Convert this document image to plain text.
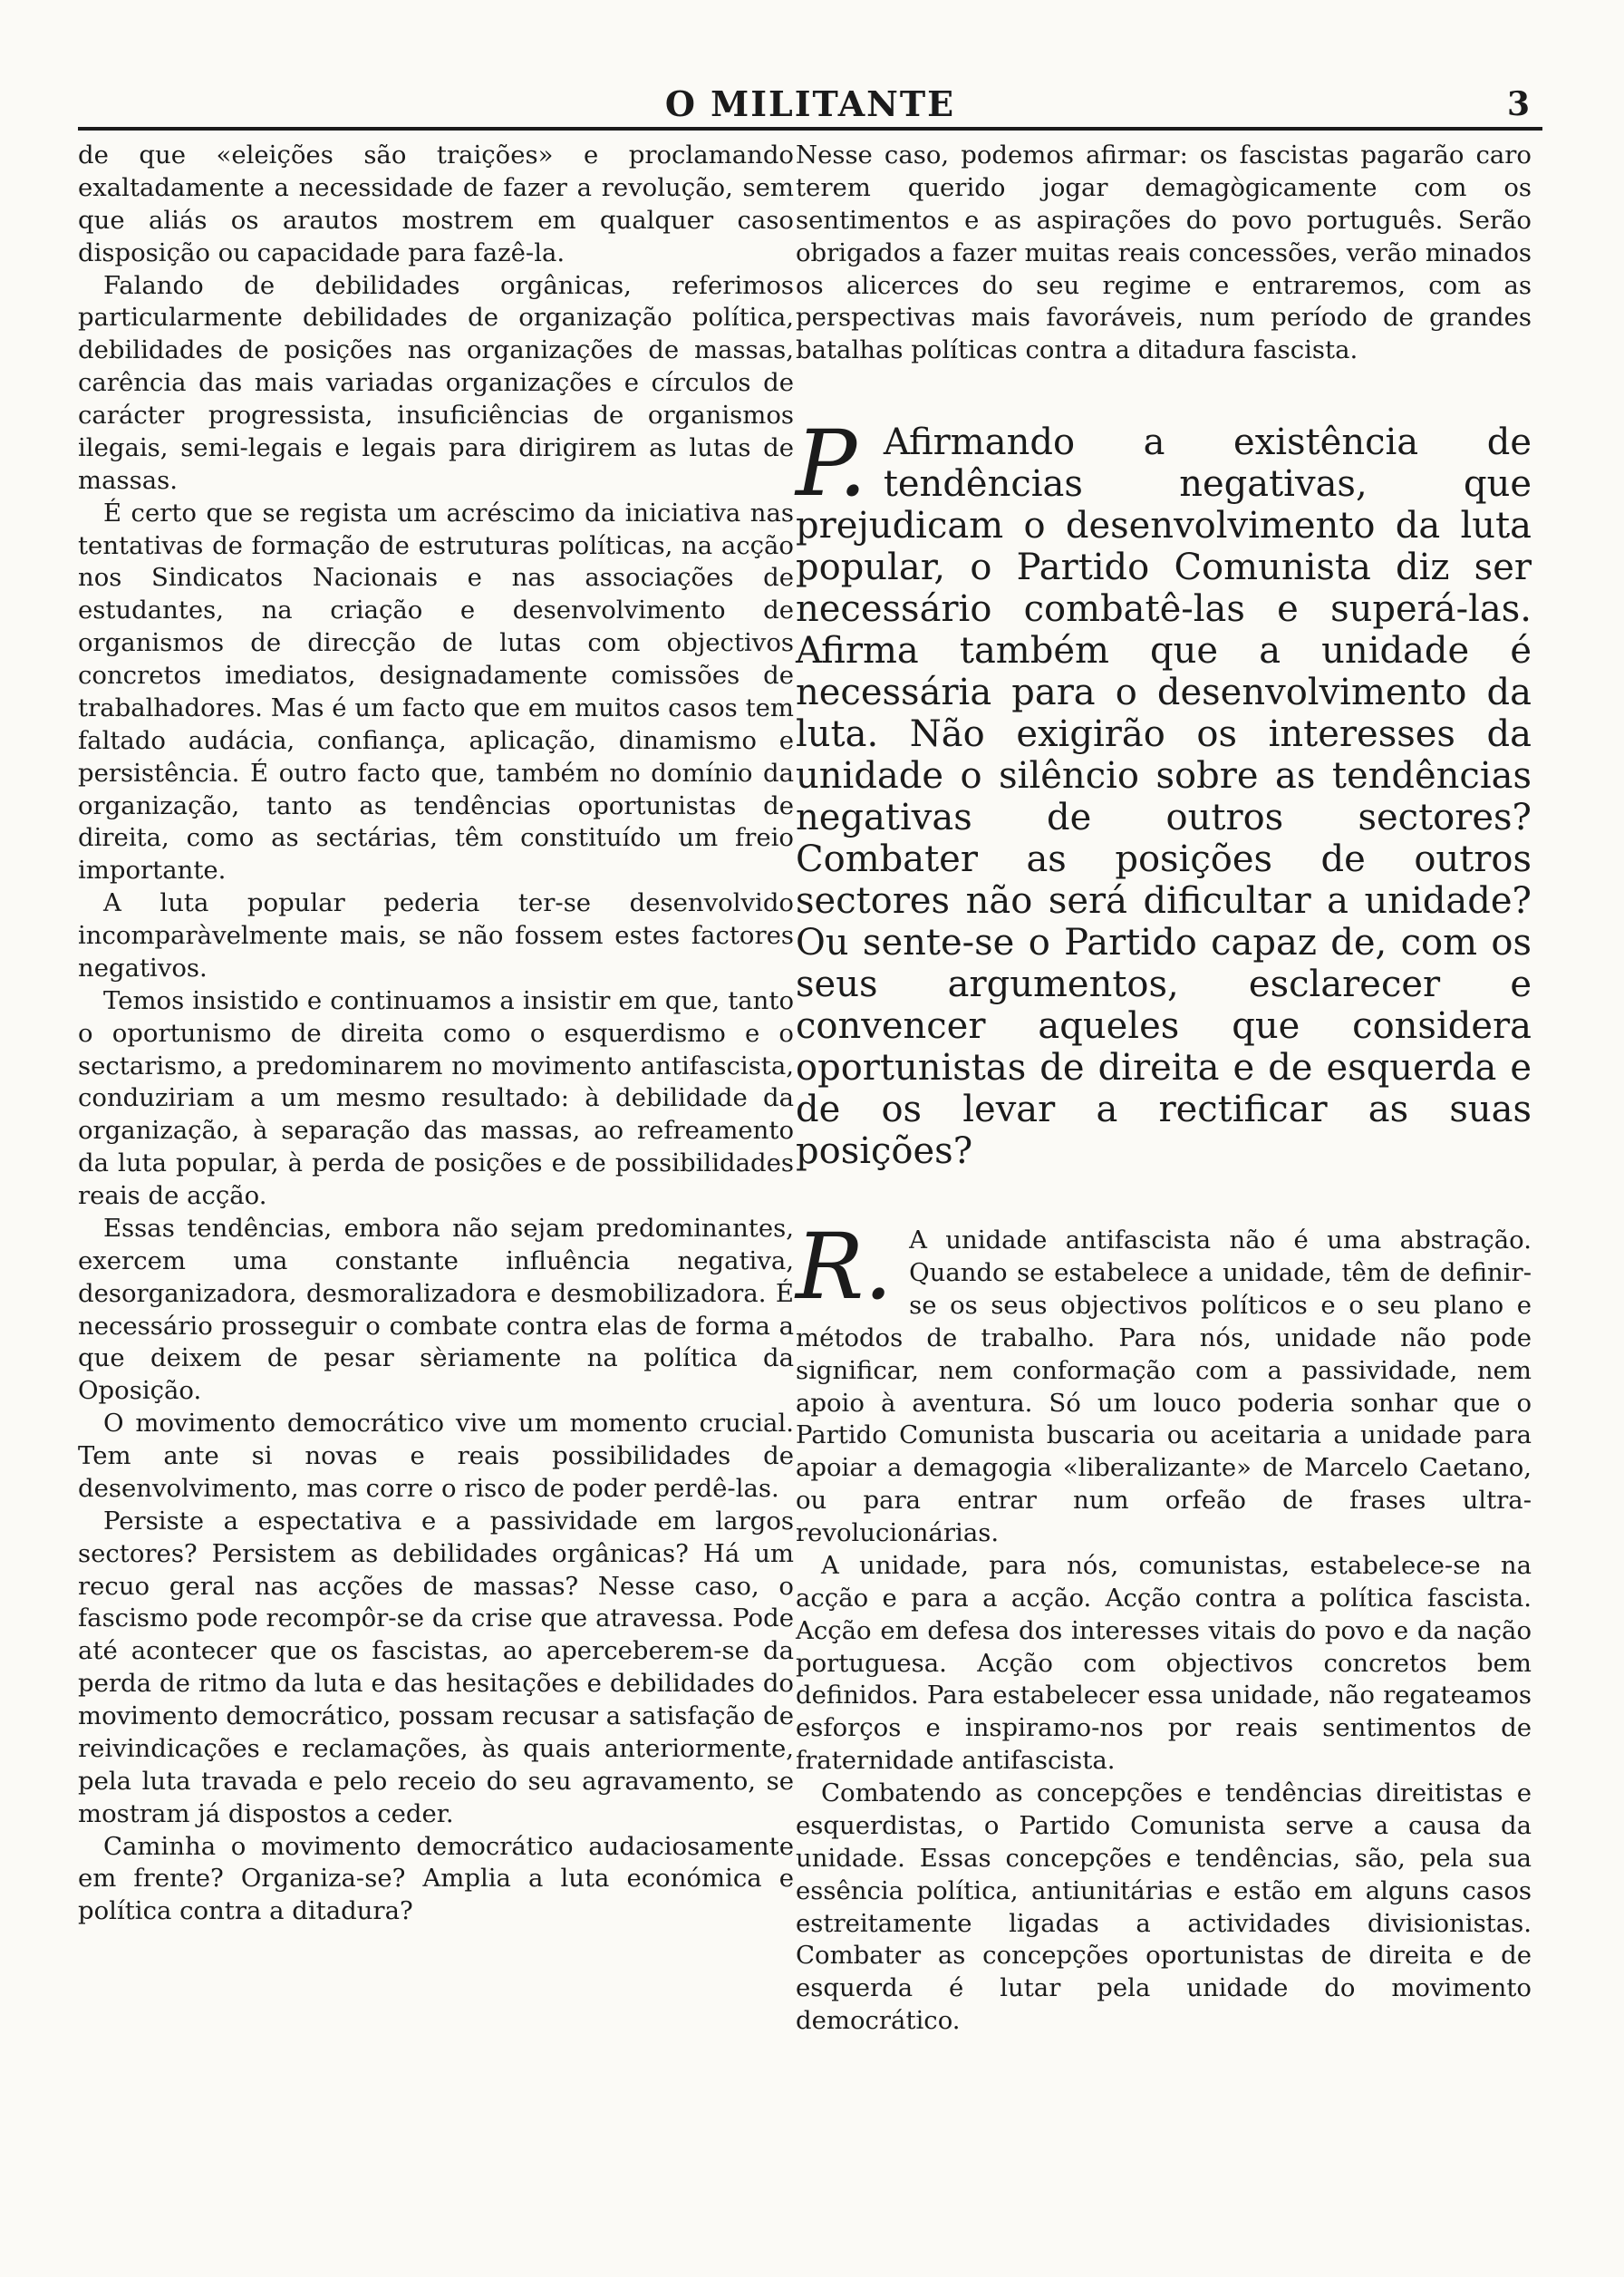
O MILITANTE	3

de que «eleições são traições» e proclamando exaltadamente a necessidade de fazer a revolução, sem que aliás os arautos mostrem em qualquer caso disposição ou capacidade para fazê-la.

Falando de debilidades orgânicas, referimos particularmente debilidades de organização política, debilidades de posições nas organizações de massas, carência das mais variadas organizações e círculos de carácter progressista, insuficiências de organismos ilegais, semi-legais e legais para dirigirem as lutas de massas.

É certo que se regista um acréscimo da iniciativa nas tentativas de formação de estruturas políticas, na acção nos Sindicatos Nacionais e nas associações de estudantes, na criação e desenvolvimento de organismos de direcção de lutas com objectivos concretos imediatos, designadamente comissões de trabalhadores. Mas é um facto que em muitos casos tem faltado audácia, confiança, aplicação, dinamismo e persistência. É outro facto que, também no domínio da organização, tanto as tendências oportunistas de direita, como as sectárias, têm constituído um freio importante.

A luta popular pederia ter-se desenvolvido incomparàvelmente mais, se não fossem estes factores negativos.

Temos insistido e continuamos a insistir em que, tanto o oportunismo de direita como o esquerdismo e o sectarismo, a predominarem no movimento antifascista, conduziriam a um mesmo resultado: à debilidade da organização, à separação das massas, ao refreamento da luta popular, à perda de posições e de possibilidades reais de acção.

Essas tendências, embora não sejam predominantes, exercem uma constante influência negativa, desorganizadora, desmoralizadora e desmobilizadora. É necessário prosseguir o combate contra elas de forma a que deixem de pesar sèriamente na política da Oposição.

O movimento democrático vive um momento crucial. Tem ante si novas e reais possibilidades de desenvolvimento, mas corre o risco de poder perdê-las.

Persiste a espectativa e a passividade em largos sectores? Persistem as debilidades orgânicas? Há um recuo geral nas acções de massas? Nesse caso, o fascismo pode recompôr-se da crise que atravessa. Pode até acontecer que os fascistas, ao aperceberem-se da perda de ritmo da luta e das hesitações e debilidades do movimento democrático, possam recusar a satisfação de reivindicações e reclamações, às quais anteriormente, pela luta travada e pelo receio do seu agravamento, se mostram já dispostos a ceder.

Caminha o movimento democrático audaciosamente em frente? Organiza-se? Amplia a luta económica e política contra a ditadura?

Nesse caso, podemos afirmar: os fascistas pagarão caro terem querido jogar demagògicamente com os sentimentos e as aspirações do povo português. Serão obrigados a fazer muitas reais concessões, verão minados os alicerces do seu regime e entraremos, com as perspectivas mais favoráveis, num período de grandes batalhas políticas contra a ditadura fascista.

P. Afirmando a existência de tendências negativas, que prejudicam o desenvolvimento da luta popular, o Partido Comunista diz ser necessário combatê-las e superá-las. Afirma também que a unidade é necessária para o desenvolvimento da luta. Não exigirão os interesses da unidade o silêncio sobre as tendências negativas de outros sectores? Combater as posições de outros sectores não será dificultar a unidade? Ou sente-se o Partido capaz de, com os seus argumentos, esclarecer e convencer aqueles que considera oportunistas de direita e de esquerda e de os levar a rectificar as suas posições?

R. A unidade antifascista não é uma abstração. Quando se estabelece a unidade, têm de definir-se os seus objectivos políticos e o seu plano e métodos de trabalho. Para nós, unidade não pode significar, nem conformação com a passividade, nem apoio à aventura. Só um louco poderia sonhar que o Partido Comunista buscaria ou aceitaria a unidade para apoiar a demagogia «liberalizante» de Marcelo Caetano, ou para entrar num orfeão de frases ultra-revolucionárias.

A unidade, para nós, comunistas, estabelece-se na acção e para a acção. Acção contra a política fascista. Acção em defesa dos interesses vitais do povo e da nação portuguesa. Acção com objectivos concretos bem definidos. Para estabelecer essa unidade, não regateamos esforços e inspiramo-nos por reais sentimentos de fraternidade antifascista.

Combatendo as concepções e tendências direitistas e esquerdistas, o Partido Comunista serve a causa da unidade. Essas concepções e tendências, são, pela sua essência política, antiunitárias e estão em alguns casos estreitamente ligadas a actividades divisionistas. Combater as concepções oportunistas de direita e de esquerda é lutar pela unidade do movimento democrático.
